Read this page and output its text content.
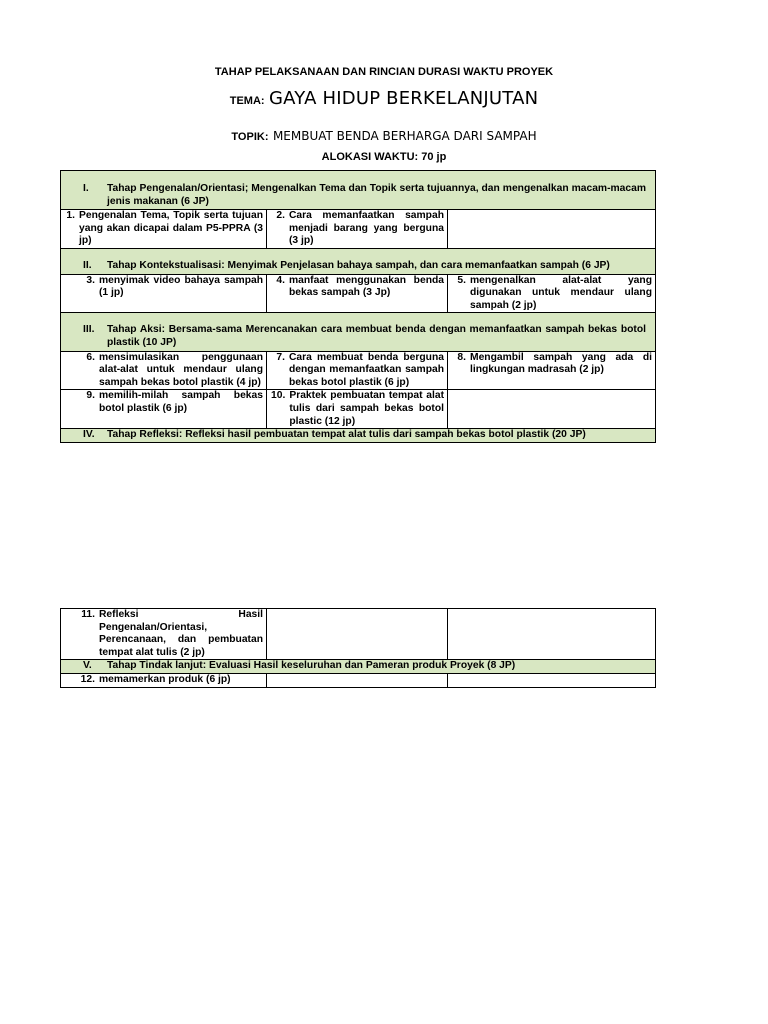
TAHAP PELAKSANAAN DAN RINCIAN DURASI WAKTU PROYEK
TEMA: GAYA HIDUP BERKELANJUTAN
TOPIK: MEMBUAT BENDA BERHARGA DARI SAMPAH
ALOKASI WAKTU: 70 jp
I. Tahap Pengenalan/Orientasi; Mengenalkan Tema dan Topik serta tujuannya, dan mengenalkan macam-macam jenis makanan (6 JP)		

1. Pengenalan Tema, Topik serta tujuan yang akan dicapai dalam P5-PPRA (3 jp)	2. Cara memanfaatkan sampah menjadi barang yang berguna (3 jp)	

II. Tahap Kontekstualisasi: Menyimak Penjelasan bahaya sampah, dan cara memanfaatkan sampah (6 JP)		

3. menyimak video bahaya sampah (1 jp)	4. manfaat menggunakan benda bekas sampah (3 Jp)	5. mengenalkan alat-alat yang digunakan untuk mendaur ulang sampah (2 jp)

III. Tahap Aksi: Bersama-sama Merencanakan cara membuat benda dengan memanfaatkan sampah bekas botol plastik (10 JP)		

6. mensimulasikan penggunaan alat-alat untuk mendaur ulang sampah bekas botol plastik (4 jp)	7. Cara membuat benda berguna dengan memanfaatkan sampah bekas botol plastik (6 jp)	8. Mengambil sampah yang ada di lingkungan madrasah (2 jp)

9. memilih-milah sampah bekas botol plastik (6 jp)	10. Praktek pembuatan tempat alat tulis dari sampah bekas botol plastic (12 jp)	

IV. Tahap Refleksi: Refleksi hasil pembuatan tempat alat tulis dari sampah bekas botol plastik (20 JP)		
11. Refleksi Hasil Pengenalan/Orientasi, Perencanaan, dan pembuatan tempat alat tulis (2 jp)		

V. Tahap Tindak lanjut: Evaluasi Hasil keseluruhan dan Pameran produk Proyek (8 JP)		

12. memamerkan produk (6 jp)		
